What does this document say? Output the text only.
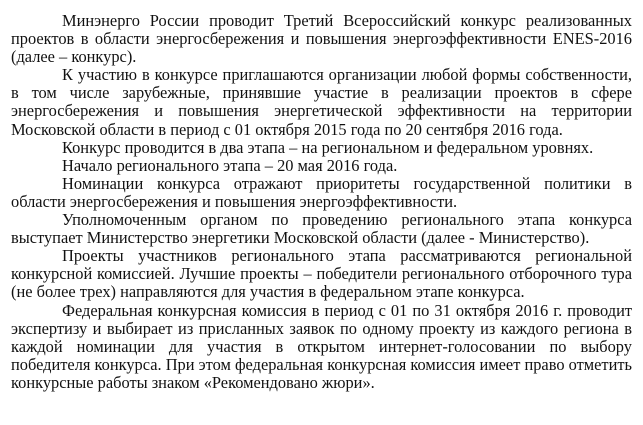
Минэнерго России проводит Третий Всероссийский конкурс реализованных проектов в области энергосбережения и повышения энергоэффективности ENES-2016 (далее – конкурс).

К участию в конкурсе приглашаются организации любой формы собственности, в том числе зарубежные, принявшие участие в реализации проектов в сфере энергосбережения и повышения энергетической эффективности на территории Московской области в период с 01 октября 2015 года по 20 сентября 2016 года.

Конкурс проводится в два этапа – на региональном и федеральном уровнях.

Начало регионального этапа – 20 мая 2016 года.

Номинации конкурса отражают приоритеты государственной политики в области энергосбережения и повышения энергоэффективности.

Уполномоченным органом по проведению регионального этапа конкурса выступает Министерство энергетики Московской области (далее - Министерство).

Проекты участников регионального этапа рассматриваются региональной конкурсной комиссией. Лучшие проекты – победители регионального отборочного тура (не более трех) направляются для участия в федеральном этапе конкурса.

Федеральная конкурсная комиссия в период с 01 по 31 октября 2016 г. проводит экспертизу и выбирает из присланных заявок по одному проекту из каждого региона в каждой номинации для участия в открытом интернет-голосовании по выбору победителя конкурса. При этом федеральная конкурсная комиссия имеет право отметить конкурсные работы знаком «Рекомендовано жюри».
